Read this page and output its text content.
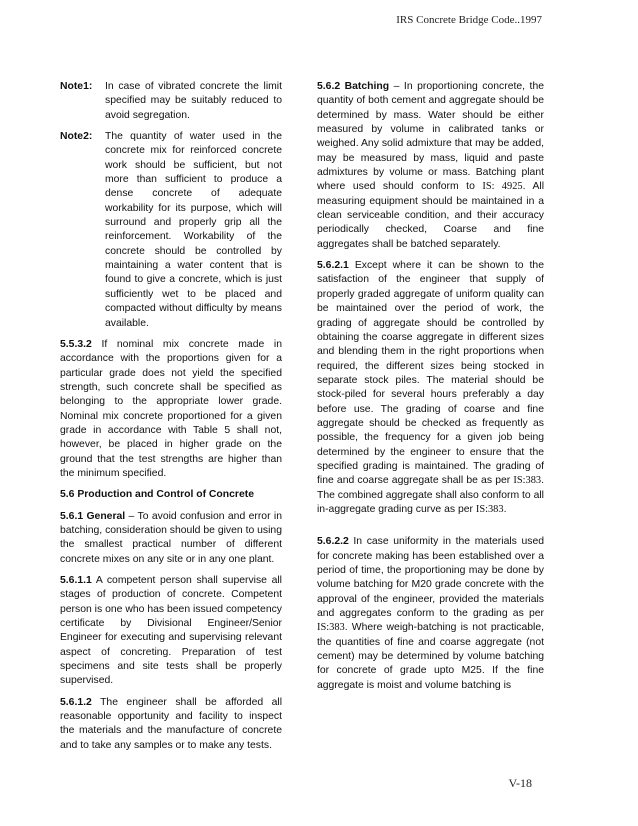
IRS Concrete Bridge Code..1997
Note1:	In case of vibrated concrete the limit specified may be suitably reduced to avoid segregation.
Note2:	The quantity of water used in the concrete mix for reinforced concrete work should be sufficient, but not more than sufficient to produce a dense concrete of adequate workability for its purpose, which will surround and properly grip all the reinforcement. Workability of the concrete should be controlled by maintaining a water content that is found to give a concrete, which is just sufficiently wet to be placed and compacted without difficulty by means available.

5.5.3.2 If nominal mix concrete made in accordance with the proportions given for a particular grade does not yield the specified strength, such concrete shall be specified as belonging to the appropriate lower grade. Nominal mix concrete proportioned for a given grade in accordance with Table 5 shall not, however, be placed in higher grade on the ground that the test strengths are higher than the minimum specified.

5.6 Production and Control of Concrete

5.6.1 General – To avoid confusion and error in batching, consideration should be given to using the smallest practical number of different concrete mixes on any site or in any one plant.

5.6.1.1 A competent person shall supervise all stages of production of concrete. Competent person is one who has been issued competency certificate by Divisional Engineer/Senior Engineer for executing and supervising relevant aspect of concreting. Preparation of test specimens and site tests shall be properly supervised.

5.6.1.2 The engineer shall be afforded all reasonable opportunity and facility to inspect the materials and the manufacture of concrete and to take any samples or to make any tests.

5.6.2 Batching – In proportioning concrete, the quantity of both cement and aggregate should be determined by mass. Water should be either measured by volume in calibrated tanks or weighed. Any solid admixture that may be added, may be measured by mass, liquid and paste admixtures by volume or mass. Batching plant where used should conform to IS: 4925. All measuring equipment should be maintained in a clean serviceable condition, and their accuracy periodically checked, Coarse and fine aggregates shall be batched separately.

5.6.2.1 Except where it can be shown to the satisfaction of the engineer that supply of properly graded aggregate of uniform quality can be maintained over the period of work, the grading of aggregate should be controlled by obtaining the coarse aggregate in different sizes and blending them in the right proportions when required, the different sizes being stocked in separate stock piles. The material should be stock-piled for several hours preferably a day before use. The grading of coarse and fine aggregate should be checked as frequently as possible, the frequency for a given job being determined by the engineer to ensure that the specified grading is maintained. The grading of fine and coarse aggregate shall be as per IS:383. The combined aggregate shall also conform to all in-aggregate grading curve as per IS:383.

5.6.2.2 In case uniformity in the materials used for concrete making has been established over a period of time, the proportioning may be done by volume batching for M20 grade concrete with the approval of the engineer, provided the materials and aggregates conform to the grading as per IS:383. Where weigh-batching is not practicable, the quantities of fine and coarse aggregate (not cement) may be determined by volume batching for concrete of grade upto M25. If the fine aggregate is moist and volume batching is

V-18
